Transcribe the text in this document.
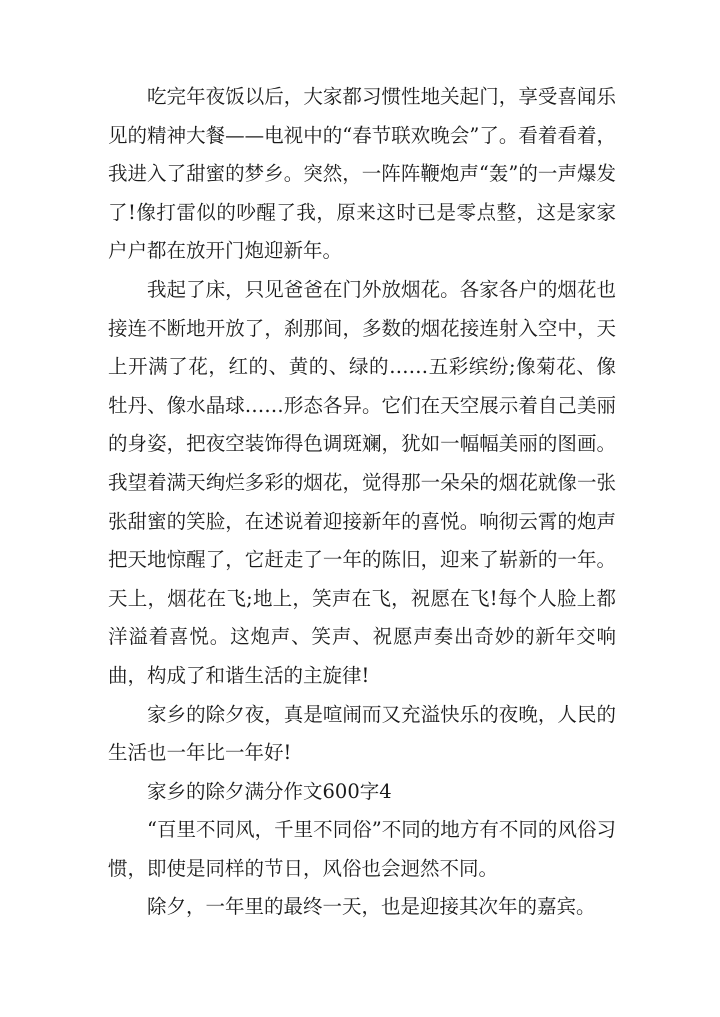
吃完年夜饭以后，大家都习惯性地关起门，享受喜闻乐见的精神大餐——电视中的“春节联欢晚会”了。看着看着，我进入了甜蜜的梦乡。突然，一阵阵鞭炮声“轰”的一声爆发了!像打雷似的吵醒了我，原来这时已是零点整，这是家家户户都在放开门炮迎新年。

我起了床，只见爸爸在门外放烟花。各家各户的烟花也接连不断地开放了，刹那间，多数的烟花接连射入空中，天上开满了花，红的、黄的、绿的……五彩缤纷;像菊花、像牡丹、像水晶球……形态各异。它们在天空展示着自己美丽的身姿，把夜空装饰得色调斑斓，犹如一幅幅美丽的图画。我望着满天绚烂多彩的烟花，觉得那一朵朵的烟花就像一张张甜蜜的笑脸，在述说着迎接新年的喜悦。响彻云霄的炮声把天地惊醒了，它赶走了一年的陈旧，迎来了崭新的一年。天上，烟花在飞;地上，笑声在飞，祝愿在飞!每个人脸上都洋溢着喜悦。这炮声、笑声、祝愿声奏出奇妙的新年交响曲，构成了和谐生活的主旋律!

家乡的除夕夜，真是喧闹而又充溢快乐的夜晚，人民的生活也一年比一年好!

家乡的除夕满分作文600字4

“百里不同风，千里不同俗”不同的地方有不同的风俗习惯，即使是同样的节日，风俗也会迥然不同。

除夕，一年里的最终一天，也是迎接其次年的嘉宾。
